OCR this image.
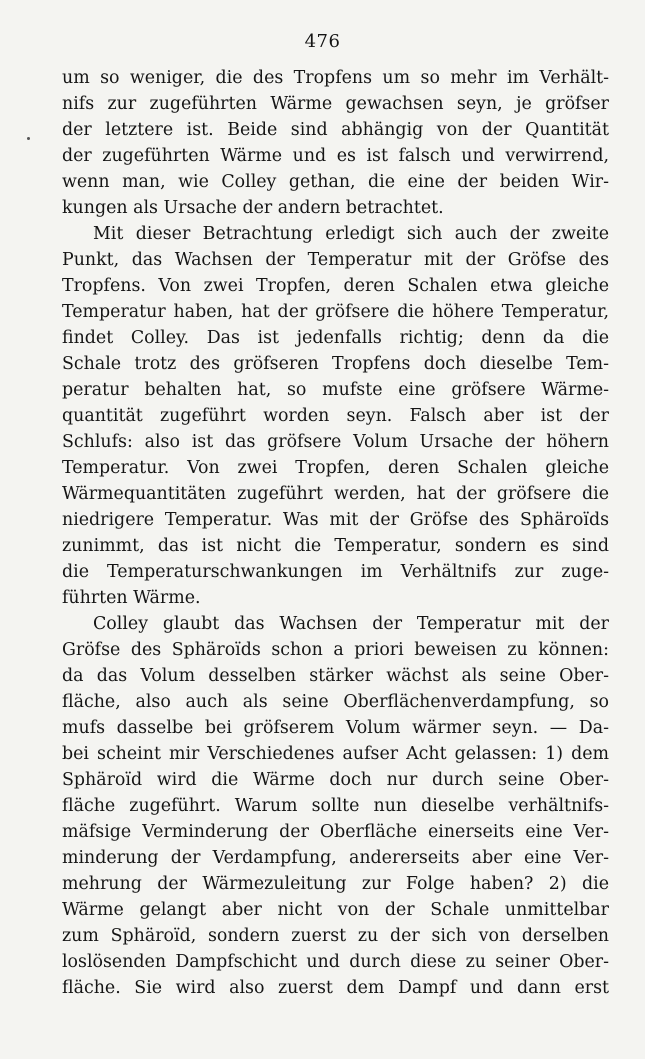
476
um so weniger, die des Tropfens um so mehr im Verhält-
nifs zur zugeführten Wärme gewachsen seyn, je gröfser
der letztere ist. Beide sind abhängig von der Quantität
der zugeführten Wärme und es ist falsch und verwirrend,
wenn man, wie Colley gethan, die eine der beiden Wir-
kungen als Ursache der andern betrachtet.
Mit dieser Betrachtung erledigt sich auch der zweite
Punkt, das Wachsen der Temperatur mit der Gröfse des
Tropfens. Von zwei Tropfen, deren Schalen etwa gleiche
Temperatur haben, hat der gröfsere die höhere Temperatur,
findet Colley. Das ist jedenfalls richtig; denn da die
Schale trotz des gröfseren Tropfens doch dieselbe Tem-
peratur behalten hat, so mufste eine gröfsere Wärme-
quantität zugeführt worden seyn. Falsch aber ist der
Schlufs: also ist das gröfsere Volum Ursache der höhern
Temperatur. Von zwei Tropfen, deren Schalen gleiche
Wärmequantitäten zugeführt werden, hat der gröfsere die
niedrigere Temperatur. Was mit der Gröfse des Sphäroïds
zunimmt, das ist nicht die Temperatur, sondern es sind
die Temperaturschwankungen im Verhältnifs zur zuge-
führten Wärme.
Colley glaubt das Wachsen der Temperatur mit der
Gröfse des Sphäroïds schon a priori beweisen zu können:
da das Volum desselben stärker wächst als seine Ober-
fläche, also auch als seine Oberflächenverdampfung, so
mufs dasselbe bei gröfserem Volum wärmer seyn. — Da-
bei scheint mir Verschiedenes aufser Acht gelassen: 1) dem
Sphäroïd wird die Wärme doch nur durch seine Ober-
fläche zugeführt. Warum sollte nun dieselbe verhältnifs-
mäfsige Verminderung der Oberfläche einerseits eine Ver-
minderung der Verdampfung, andererseits aber eine Ver-
mehrung der Wärmezuleitung zur Folge haben? 2) die
Wärme gelangt aber nicht von der Schale unmittelbar
zum Sphäroïd, sondern zuerst zu der sich von derselben
loslösenden Dampfschicht und durch diese zu seiner Ober-
fläche. Sie wird also zuerst dem Dampf und dann erst
